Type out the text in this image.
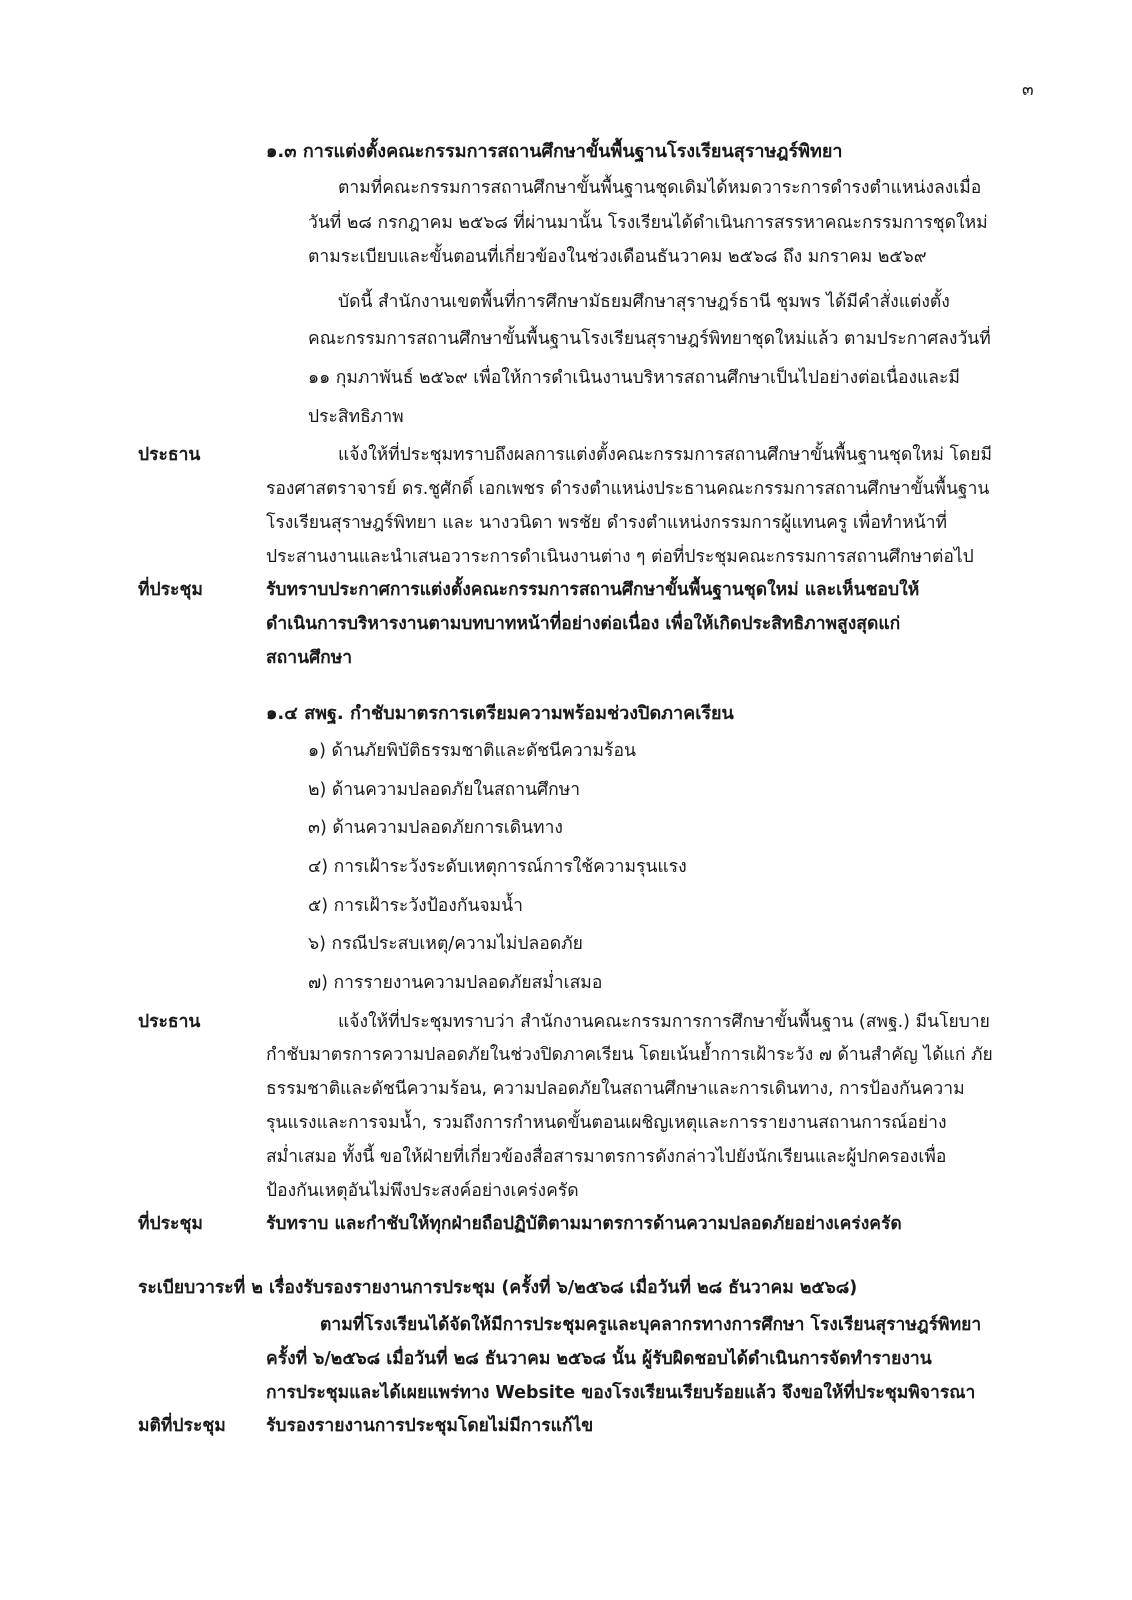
๓
๑.๓ การแต่งตั้งคณะกรรมการสถานศึกษาขั้นพื้นฐานโรงเรียนสุราษฎร์พิทยา
ตามที่คณะกรรมการสถานศึกษาขั้นพื้นฐานชุดเดิมได้หมดวาระการดำรงตำแหน่งลงเมื่อ
วันที่ ๒๘ กรกฎาคม ๒๕๖๘ ที่ผ่านมานั้น โรงเรียนได้ดำเนินการสรรหาคณะกรรมการชุดใหม่
ตามระเบียบและขั้นตอนที่เกี่ยวข้องในช่วงเดือนธันวาคม ๒๕๖๘ ถึง มกราคม ๒๕๖๙
บัดนี้ สำนักงานเขตพื้นที่การศึกษามัธยมศึกษาสุราษฎร์ธานี ชุมพร ได้มีคำสั่งแต่งตั้ง
คณะกรรมการสถานศึกษาขั้นพื้นฐานโรงเรียนสุราษฎร์พิทยาชุดใหม่แล้ว ตามประกาศลงวันที่
๑๑ กุมภาพันธ์ ๒๕๖๙ เพื่อให้การดำเนินงานบริหารสถานศึกษาเป็นไปอย่างต่อเนื่องและมี
ประสิทธิภาพ
ประธาน	แจ้งให้ที่ประชุมทราบถึงผลการแต่งตั้งคณะกรรมการสถานศึกษาขั้นพื้นฐานชุดใหม่ โดยมี
รองศาสตราจารย์ ดร.ชูศักดิ์ เอกเพชร ดำรงตำแหน่งประธานคณะกรรมการสถานศึกษาขั้นพื้นฐาน
โรงเรียนสุราษฎร์พิทยา และ นางวนิดา พรชัย ดำรงตำแหน่งกรรมการผู้แทนครู เพื่อทำหน้าที่
ประสานงานและนำเสนอวาระการดำเนินงานต่าง ๆ ต่อที่ประชุมคณะกรรมการสถานศึกษาต่อไป
ที่ประชุม	รับทราบประกาศการแต่งตั้งคณะกรรมการสถานศึกษาขั้นพื้นฐานชุดใหม่ และเห็นชอบให้
ดำเนินการบริหารงานตามบทบาทหน้าที่อย่างต่อเนื่อง เพื่อให้เกิดประสิทธิภาพสูงสุดแก่
สถานศึกษา
๑.๔ สพฐ. กำชับมาตรการเตรียมความพร้อมช่วงปิดภาคเรียน
๑) ด้านภัยพิบัติธรรมชาติและดัชนีความร้อน
๒) ด้านความปลอดภัยในสถานศึกษา
๓) ด้านความปลอดภัยการเดินทาง
๔) การเฝ้าระวังระดับเหตุการณ์การใช้ความรุนแรง
๕) การเฝ้าระวังป้องกันจมน้ำ
๖) กรณีประสบเหตุ/ความไม่ปลอดภัย
๗) การรายงานความปลอดภัยสม่ำเสมอ
ประธาน	แจ้งให้ที่ประชุมทราบว่า สำนักงานคณะกรรมการการศึกษาขั้นพื้นฐาน (สพฐ.) มีนโยบาย
กำชับมาตรการความปลอดภัยในช่วงปิดภาคเรียน โดยเน้นย้ำการเฝ้าระวัง ๗ ด้านสำคัญ ได้แก่ ภัย
ธรรมชาติและดัชนีความร้อน, ความปลอดภัยในสถานศึกษาและการเดินทาง, การป้องกันความ
รุนแรงและการจมน้ำ, รวมถึงการกำหนดขั้นตอนเผชิญเหตุและการรายงานสถานการณ์อย่าง
สม่ำเสมอ ทั้งนี้ ขอให้ฝ่ายที่เกี่ยวข้องสื่อสารมาตรการดังกล่าวไปยังนักเรียนและผู้ปกครองเพื่อ
ป้องกันเหตุอันไม่พึงประสงค์อย่างเคร่งครัด
ที่ประชุม	รับทราบ และกำชับให้ทุกฝ่ายถือปฏิบัติตามมาตรการด้านความปลอดภัยอย่างเคร่งครัด
ระเบียบวาระที่ ๒ เรื่องรับรองรายงานการประชุม (ครั้งที่ ๖/๒๕๖๘ เมื่อวันที่ ๒๘ ธันวาคม ๒๕๖๘)
ตามที่โรงเรียนได้จัดให้มีการประชุมครูและบุคลากรทางการศึกษา โรงเรียนสุราษฎร์พิทยา
ครั้งที่ ๖/๒๕๖๘ เมื่อวันที่ ๒๘ ธันวาคม ๒๕๖๘ นั้น ผู้รับผิดชอบได้ดำเนินการจัดทำรายงาน
การประชุมและได้เผยแพร่ทาง Website ของโรงเรียนเรียบร้อยแล้ว จึงขอให้ที่ประชุมพิจารณา
มติที่ประชุม รับรองรายงานการประชุมโดยไม่มีการแก้ไข
